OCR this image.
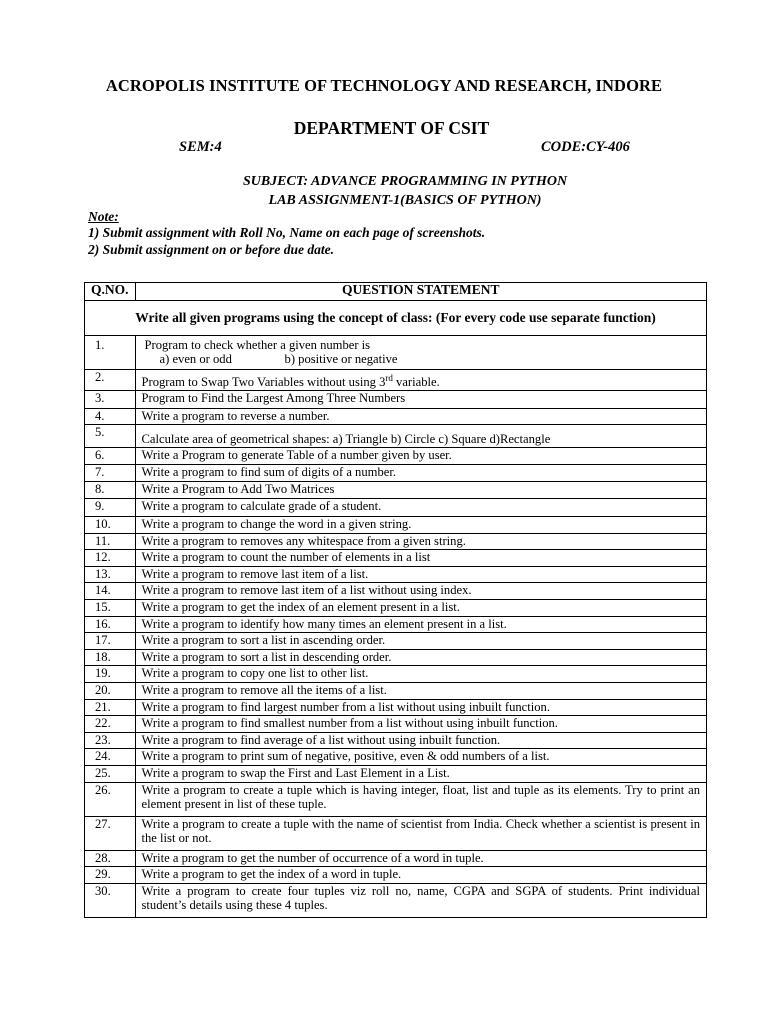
ACROPOLIS INSTITUTE OF TECHNOLOGY AND RESEARCH, INDORE
DEPARTMENT OF CSIT
SEM:4	CODE:CY-406
SUBJECT: ADVANCE PROGRAMMING IN PYTHON
LAB ASSIGNMENT-1(BASICS OF PYTHON)
Note:
1) Submit assignment with Roll No, Name on each page of screenshots.
2) Submit assignment on or before due date.
Q.NO.	QUESTION STATEMENT
Write all given programs using the concept of class: (For every code use separate function)	
1.	Program to check whether a given number is
a) even or odd b) positive or negative

2.	Program to Swap Two Variables without using 3rd variable.
3.	Program to Find the Largest Among Three Numbers
4.	Write a program to reverse a number.
5.	Calculate area of geometrical shapes: a) Triangle b) Circle c) Square d)Rectangle
6.	Write a Program to generate Table of a number given by user.
7.	Write a program to find sum of digits of a number.
8.	Write a Program to Add Two Matrices
9.	Write a program to calculate grade of a student.
10.	Write a program to change the word in a given string.
11.	Write a program to removes any whitespace from a given string.
12.	Write a program to count the number of elements in a list
13.	Write a program to remove last item of a list.
14.	Write a program to remove last item of a list without using index.
15.	Write a program to get the index of an element present in a list.
16.	Write a program to identify how many times an element present in a list.
17.	Write a program to sort a list in ascending order.
18.	Write a program to sort a list in descending order.
19.	Write a program to copy one list to other list.
20.	Write a program to remove all the items of a list.
21.	Write a program to find largest number from a list without using inbuilt function.
22.	Write a program to find smallest number from a list without using inbuilt function.
23.	Write a program to find average of a list without using inbuilt function.
24.	Write a program to print sum of negative, positive, even & odd numbers of a list.
25.	Write a program to swap the First and Last Element in a List.
26.	Write a program to create a tuple which is having integer, float, list and tuple as its elements. Try to print an element present in list of these tuple.
27.	Write a program to create a tuple with the name of scientist from India. Check whether a scientist is present in the list or not.
28.	Write a program to get the number of occurrence of a word in tuple.
29.	Write a program to get the index of a word in tuple.
30.	Write a program to create four tuples viz roll no, name, CGPA and SGPA of students. Print individual student’s details using these 4 tuples.
